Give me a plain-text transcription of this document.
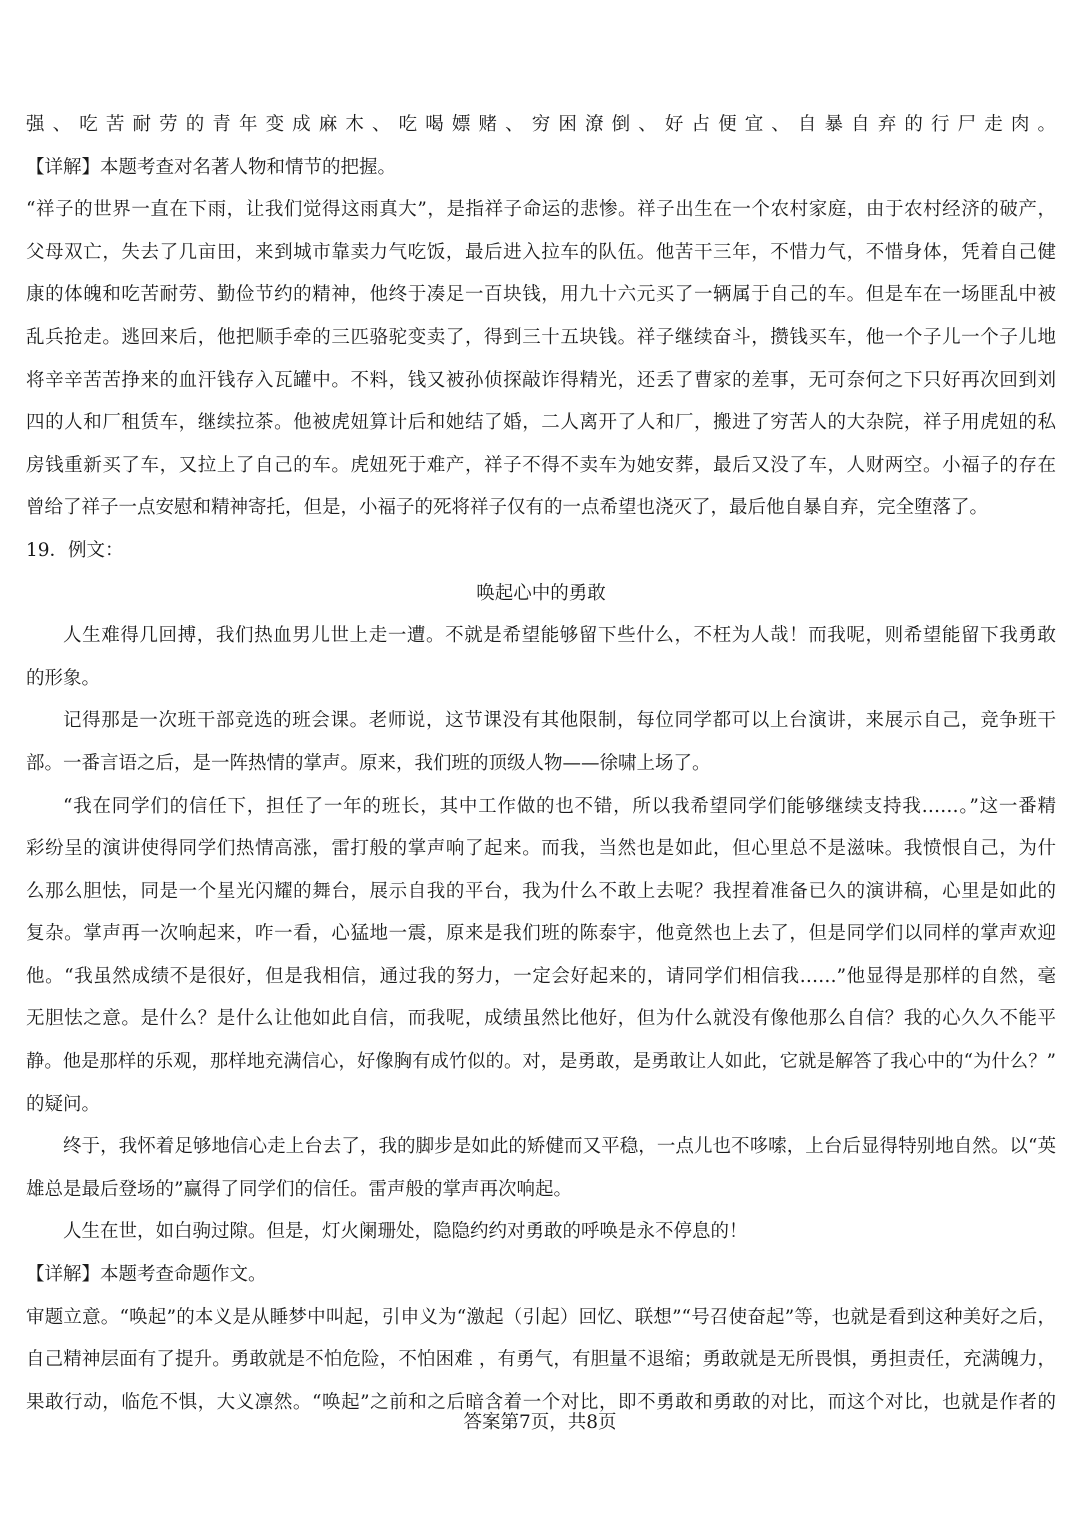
强、吃苦耐劳的青年变成麻木、吃喝嫖赌、穷困潦倒、好占便宜、自暴自弃的行尸走肉。
【详解】本题考查对名著人物和情节的把握。
“祥子的世界一直在下雨，让我们觉得这雨真大”，是指祥子命运的悲惨。祥子出生在一个农村家庭，由于农村经济的破产，
父母双亡，失去了几亩田，来到城市靠卖力气吃饭，最后进入拉车的队伍。他苦干三年，不惜力气，不惜身体，凭着自己健
康的体魄和吃苦耐劳、勤俭节约的精神，他终于凑足一百块钱，用九十六元买了一辆属于自己的车。但是车在一场匪乱中被
乱兵抢走。逃回来后，他把顺手牵的三匹骆驼变卖了，得到三十五块钱。祥子继续奋斗，攒钱买车，他一个子儿一个子儿地
将辛辛苦苦挣来的血汗钱存入瓦罐中。不料，钱又被孙侦探敲诈得精光，还丢了曹家的差事，无可奈何之下只好再次回到刘
四的人和厂租赁车，继续拉茶。他被虎妞算计后和她结了婚，二人离开了人和厂，搬进了穷苦人的大杂院，祥子用虎妞的私
房钱重新买了车，又拉上了自己的车。虎妞死于难产，祥子不得不卖车为她安葬，最后又没了车，人财两空。小福子的存在
曾给了祥子一点安慰和精神寄托，但是，小福子的死将祥子仅有的一点希望也浇灭了，最后他自暴自弃，完全堕落了。
19．例文：
唤起心中的勇敢
人生难得几回搏，我们热血男儿世上走一遭。不就是希望能够留下些什么，不枉为人哉！而我呢，则希望能留下我勇敢
的形象。
记得那是一次班干部竞选的班会课。老师说，这节课没有其他限制，每位同学都可以上台演讲，来展示自己，竞争班干
部。一番言语之后，是一阵热情的掌声。原来，我们班的顶级人物——徐啸上场了。
“我在同学们的信任下，担任了一年的班长，其中工作做的也不错，所以我希望同学们能够继续支持我……。”这一番精
彩纷呈的演讲使得同学们热情高涨，雷打般的掌声响了起来。而我，当然也是如此，但心里总不是滋味。我愤恨自己，为什
么那么胆怯，同是一个星光闪耀的舞台，展示自我的平台，我为什么不敢上去呢？我捏着准备已久的演讲稿，心里是如此的
复杂。掌声再一次响起来，咋一看，心猛地一震，原来是我们班的陈泰宇，他竟然也上去了，但是同学们以同样的掌声欢迎
他。“我虽然成绩不是很好，但是我相信，通过我的努力，一定会好起来的，请同学们相信我……”他显得是那样的自然，毫
无胆怯之意。是什么？是什么让他如此自信，而我呢，成绩虽然比他好，但为什么就没有像他那么自信？我的心久久不能平
静。他是那样的乐观，那样地充满信心，好像胸有成竹似的。对，是勇敢，是勇敢让人如此，它就是解答了我心中的“为什么？”
的疑问。
终于，我怀着足够地信心走上台去了，我的脚步是如此的矫健而又平稳，一点儿也不哆嗦，上台后显得特别地自然。以“英
雄总是最后登场的”赢得了同学们的信任。雷声般的掌声再次响起。
人生在世，如白驹过隙。但是，灯火阑珊处，隐隐约约对勇敢的呼唤是永不停息的！
【详解】本题考查命题作文。
审题立意。“唤起”的本义是从睡梦中叫起，引申义为“激起（引起）回忆、联想”“号召使奋起”等，也就是看到这种美好之后，
自己精神层面有了提升。勇敢就是不怕危险，不怕困难 ，有勇气，有胆量不退缩；勇敢就是无所畏惧，勇担责任，充满魄力，
果敢行动，临危不惧，大义凛然。“唤起”之前和之后暗含着一个对比，即不勇敢和勇敢的对比，而这个对比，也就是作者的
答案第7页，共8页
